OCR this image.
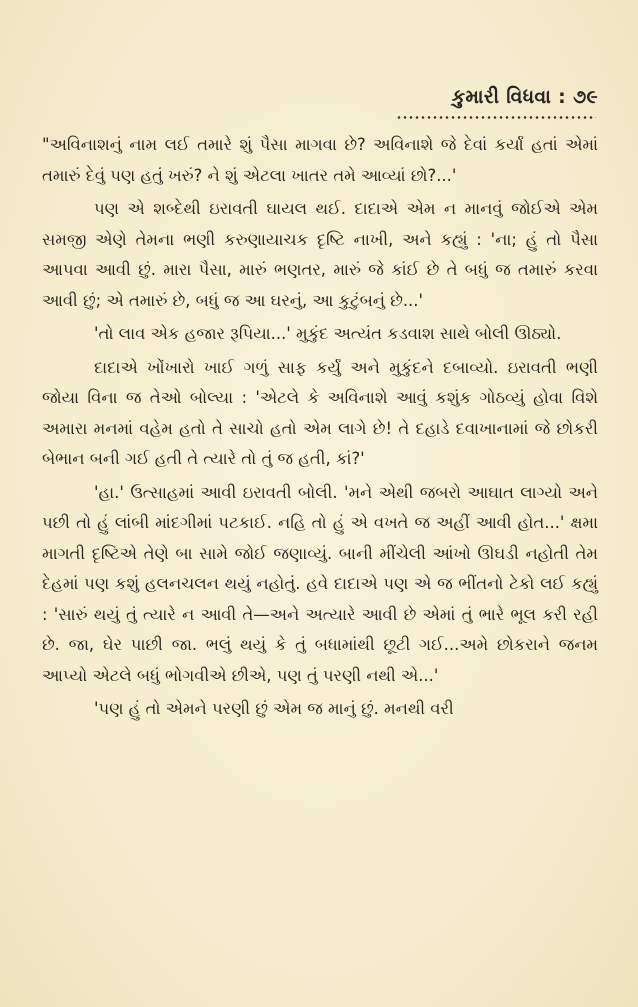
કુમારી વિધવા : ૭૯

"અવિનાશનું નામ લઈ તમારે શું પૈસા માગવા છે? અવિનાશે જે દેવાં કર્યાં હતાં એમાં તમારું દેવું પણ હતું ખરું? ને શું એટલા ખાતર તમે આવ્યાં છો?...'

પણ એ શબ્દેથી ઇરાવતી ઘાયલ થઈ. દાદાએ એમ ન માનવું જોઈએ એમ સમજી એણે તેમના ભણી કરુણાયાચક દૃષ્ટિ નાખી, અને કહ્યું : 'ના; હું તો પૈસા આપવા આવી છું. મારા પૈસા, મારું ભણતર, મારું જે કાંઈ છે તે બધું જ તમારું કરવા આવી છું; એ તમારું છે, બધું જ આ ઘરનું, આ કુટુંબનું છે...'

'તો લાવ એક હજાર રૂપિયા...' મુકુંદ અત્યંત કડવાશ સાથે બોલી ઊઠ્યો.

દાદાએ ખોંખારો ખાઈ ગળું સાફ કર્યું અને મુકુંદને દબાવ્યો. ઇરાવતી ભણી જોયા વિના જ તેઓ બોલ્યા : 'એટલે કે અવિનાશે આવું કશુંક ગોઠવ્યું હોવા વિશે અમારા મનમાં વહેમ હતો તે સાચો હતો એમ લાગે છે! તે દહાડે દવાખાનામાં જે છોકરી બેભાન બની ગઈ હતી તે ત્યારે તો તું જ હતી, કાં?'

'હા.' ઉત્સાહમાં આવી ઇરાવતી બોલી. 'મને એથી જબરો આઘાત લાગ્યો અને પછી તો હું લાંબી માંદગીમાં પટકાઈ. નહિ તો હું એ વખતે જ અહીં આવી હોત...' ક્ષમા માગતી દૃષ્ટિએ તેણે બા સામે જોઈ જણાવ્યું. બાની મીંચેલી આંખો ઊઘડી નહોતી તેમ દેહમાં પણ કશું હલનચલન થયું નહોતું. હવે દાદાએ પણ એ જ ભીંતનો ટેકો લઈ કહ્યું : 'સારું થયું તું ત્યારે ન આવી તે—અને અત્યારે આવી છે એમાં તું ભારે ભૂલ કરી રહી છે. જા, ઘેર પાછી જા. ભલું થયું કે તું બધામાંથી છૂટી ગઈ...અમે છોકરાને જનમ આપ્યો એટલે બધું ભોગવીએ છીએ, પણ તું પરણી નથી એ...'

'પણ હું તો એમને પરણી છું એમ જ માનું છું. મનથી વરી
